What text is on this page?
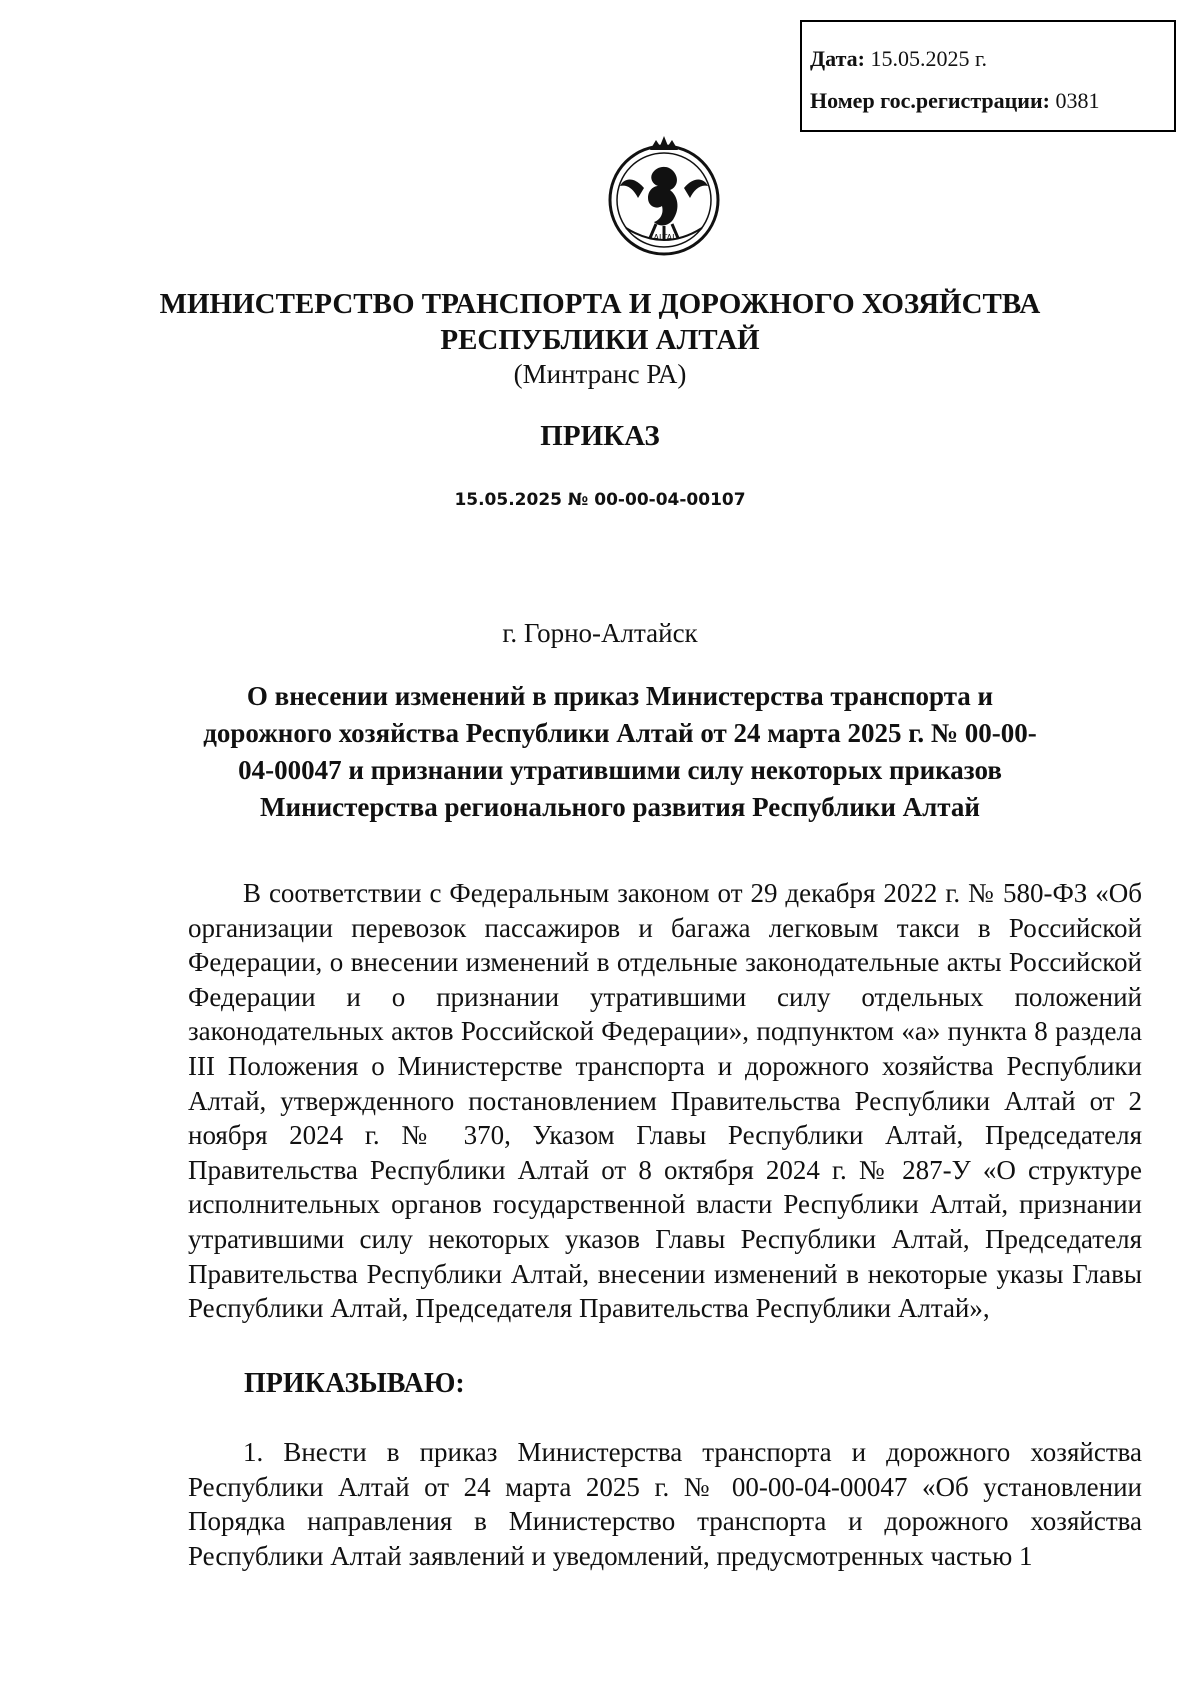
Дата: 15.05.2025 г.
Номер гос.регистрации: 0381
ALTAI
МИНИСТЕРСТВО ТРАНСПОРТА И ДОРОЖНОГО ХОЗЯЙСТВА
РЕСПУБЛИКИ АЛТАЙ
(Минтранс РА)
ПРИКАЗ
15.05.2025 № 00-00-04-00107
г. Горно-Алтайск
О внесении изменений в приказ Министерства транспорта и дорожного хозяйства Республики Алтай от 24 марта 2025 г. № 00-00-04-00047 и признании утратившими силу некоторых приказов Министерства регионального развития Республики Алтай
В соответствии с Федеральным законом от 29 декабря 2022 г. № 580-ФЗ «Об организации перевозок пассажиров и багажа легковым такси в Российской Федерации, о внесении изменений в отдельные законодательные акты Российской Федерации и о признании утратившими силу отдельных положений законодательных актов Российской Федерации», подпунктом «а» пункта 8 раздела III Положения о Министерстве транспорта и дорожного хозяйства Республики Алтай, утвержденного постановлением Правительства Республики Алтай от 2 ноября 2024 г. № 370, Указом Главы Республики Алтай, Председателя Правительства Республики Алтай от 8 октября 2024 г. № 287-У «О структуре исполнительных органов государственной власти Республики Алтай, признании утратившими силу некоторых указов Главы Республики Алтай, Председателя Правительства Республики Алтай, внесении изменений в некоторые указы Главы Республики Алтай, Председателя Правительства Республики Алтай»,
ПРИКАЗЫВАЮ:
1. Внести в приказ Министерства транспорта и дорожного хозяйства Республики Алтай от 24 марта 2025 г. № 00-00-04-00047 «Об установлении Порядка направления в Министерство транспорта и дорожного хозяйства Республики Алтай заявлений и уведомлений, предусмотренных частью 1
